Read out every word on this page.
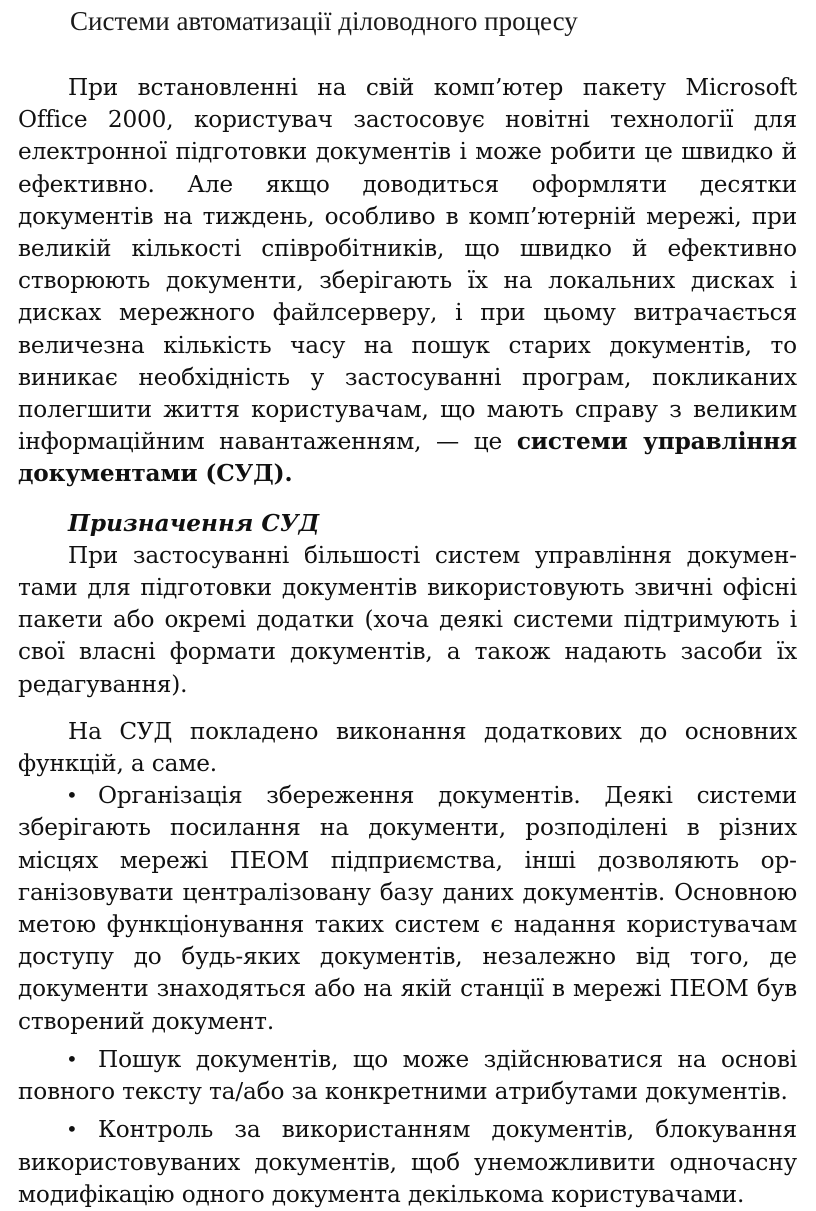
Системи автоматизації діловодного процесу

При встановленні на свій комп’ютер пакету Microsoft Office 2000, користувач застосовує новітні технології для електронної підготовки документів і може робити це швидко й ефективно. Але якщо доводиться оформляти десятки документів на тиждень, особливо в комп’ютерній мережі, при великій кількості співробітників, що швидко й ефективно створюють документи, зберігають їх на локальних дисках і дисках мережного файлсерверу, і при цьому витрачається величезна кількість часу на пошук старих документів, то виникає необхідність у застосуванні програм, покликаних полегшити життя користувачам, що мають справу з великим інформаційним навантаженням, — це системи управління документами (СУД).

Призначення СУД

При застосуванні більшості систем управління документами для підготовки документів використовують звичні офісні пакети або окремі додатки (хоча деякі системи підтримують і свої власні формати документів, а також надають засоби їх редагування).

На СУД покладено виконання додаткових до основних функцій, а саме.

• Організація збереження документів. Деякі системи зберігають посилання на документи, розподілені в різних місцях мережі ПЕОМ підприємства, інші дозволяють організовувати централізовану базу даних документів. Основною метою функціонування таких систем є надання користувачам доступу до будь-яких документів, незалежно від того, де документи знаходяться або на якій станції в мережі ПЕОМ був створений документ.

• Пошук документів, що може здійснюватися на основі повного тексту та/або за конкретними атрибутами документів.

• Контроль за використанням документів, блокування використовуваних документів, щоб унеможливити одночасну модифікацію одного документа декількома користувачами.
